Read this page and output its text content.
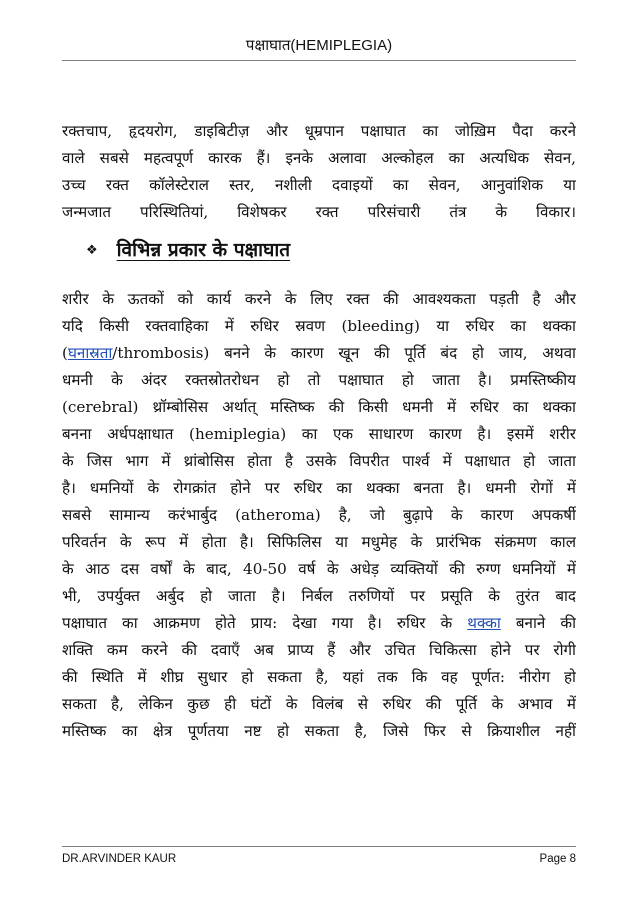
पक्षाघात(HEMIPLEGIA)
रक्तचाप, हृदयरोग, डाइबिटीज़ और धूम्रपान पक्षाघात का जोख़िम पैदा करने
वाले सबसे महत्वपूर्ण कारक हैं। इनके अलावा अल्कोहल का अत्यधिक सेवन,
उच्च रक्त कॉलेस्टेराल स्तर, नशीली दवाइयों का सेवन, आनुवांशिक या
जन्मजात परिस्थितियां, विशेषकर रक्त परिसंचारी तंत्र के विकार।
❖ विभिन्न प्रकार के पक्षाघात
शरीर के ऊतकों को कार्य करने के लिए रक्त की आवश्यकता पड़ती है और
यदि किसी रक्तवाहिका में रुधिर स्रवण (bleeding) या रुधिर का थक्का
(घनास्रता/thrombosis) बनने के कारण खून की पूर्ति बंद हो जाय, अथवा
धमनी के अंदर रक्तस्रोतरोधन हो तो पक्षाघात हो जाता है। प्रमस्तिष्कीय
(cerebral) थ्रॉम्बोसिस अर्थात् मस्तिष्क की किसी धमनी में रुधिर का थक्का
बनना अर्धपक्षाधात (hemiplegia) का एक साधारण कारण है। इसमें शरीर
के जिस भाग में थ्रांबोसिस होता है उसके विपरीत पार्श्व में पक्षाधात हो जाता
है। धमनियों के रोगक्रांत होने पर रुधिर का थक्का बनता है। धमनी रोगों में
सबसे सामान्य करंभार्बुद (atheroma) है, जो बुढ़ापे के कारण अपकर्षी
परिवर्तन के रूप में होता है। सिफिलिस या मधुमेह के प्रारंभिक संक्रमण काल
के आठ दस वर्षों के बाद, 40-50 वर्ष के अधेड़ व्यक्तियों की रुग्ण धमनियों में
भी, उपर्युक्त अर्बुद हो जाता है। निर्बल तरुणियों पर प्रसूति के तुरंत बाद
पक्षाघात का आक्रमण होते प्राय: देखा गया है। रुधिर के थक्का बनाने की
शक्ति कम करने की दवाएँ अब प्राप्य हैं और उचित चिकित्सा होने पर रोगी
की स्थिति में शीघ्र सुधार हो सकता है, यहां तक कि वह पूर्णत: नीरोग हो
सकता है, लेकिन कुछ ही घंटों के विलंब से रुधिर की पूर्ति के अभाव में
मस्तिष्क का क्षेत्र पूर्णतया नष्ट हो सकता है, जिसे फिर से क्रियाशील नहीं
DR.ARVINDER KAUR	Page 8
